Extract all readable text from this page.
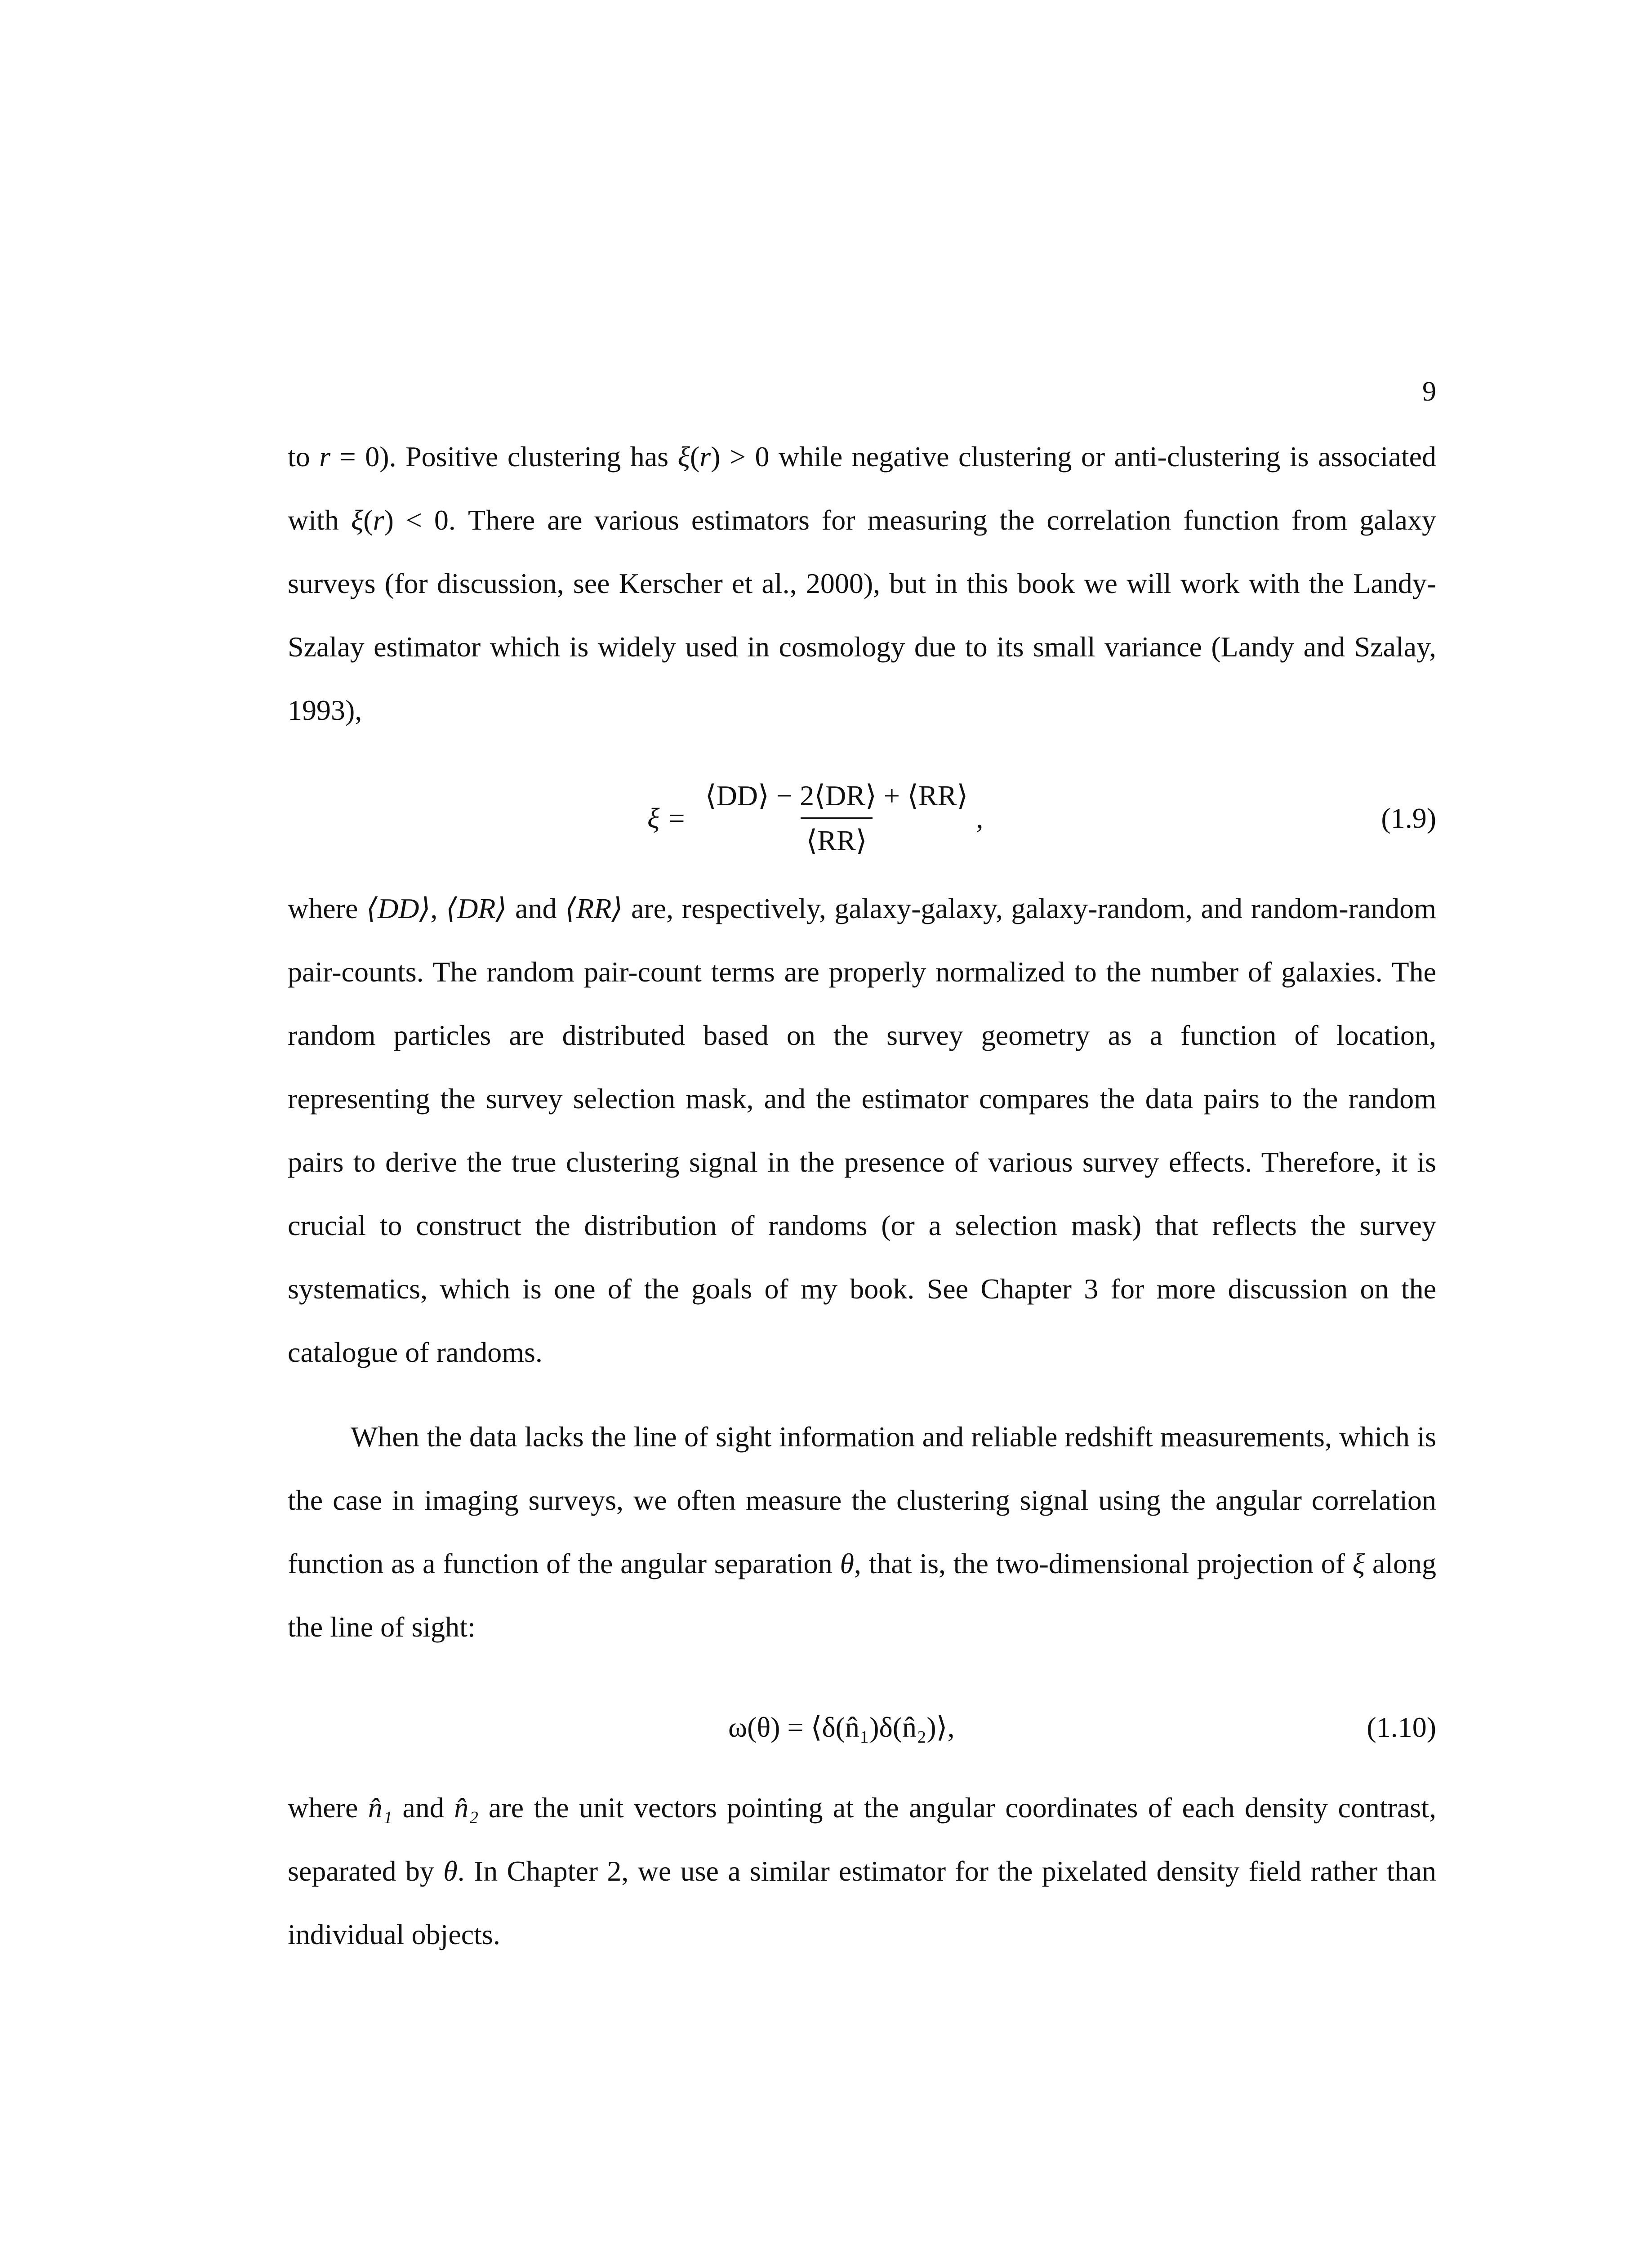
9
to r = 0). Positive clustering has ξ(r) > 0 while negative clustering or anti-clustering is associated with ξ(r) < 0. There are various estimators for measuring the correlation function from galaxy surveys (for discussion, see Kerscher et al., 2000), but in this book we will work with the Landy-Szalay estimator which is widely used in cosmology due to its small variance (Landy and Szalay, 1993),
$\xi = \frac{⟨DD⟩ - 2⟨DR⟩ + ⟨RR⟩}{⟨RR⟩}$ ,	(1.9)
where ⟨DD⟩, ⟨DR⟩ and ⟨RR⟩ are, respectively, galaxy-galaxy, galaxy-random, and random-random pair-counts. The random pair-count terms are properly normalized to the number of galaxies. The random particles are distributed based on the survey geometry as a function of location, representing the survey selection mask, and the estimator compares the data pairs to the random pairs to derive the true clustering signal in the presence of various survey effects. Therefore, it is crucial to construct the distribution of randoms (or a selection mask) that reflects the survey systematics, which is one of the goals of my book. See Chapter 3 for more discussion on the catalogue of randoms.
When the data lacks the line of sight information and reliable redshift measurements, which is the case in imaging surveys, we often measure the clustering signal using the angular correlation function as a function of the angular separation θ, that is, the two-dimensional projection of ξ along the line of sight:
ω(θ) = ⟨δ(n̂₁)δ(n̂₂)⟩,	(1.10)
where n̂₁ and n̂₂ are the unit vectors pointing at the angular coordinates of each density contrast, separated by θ. In Chapter 2, we use a similar estimator for the pixelated density field rather than individual objects.
